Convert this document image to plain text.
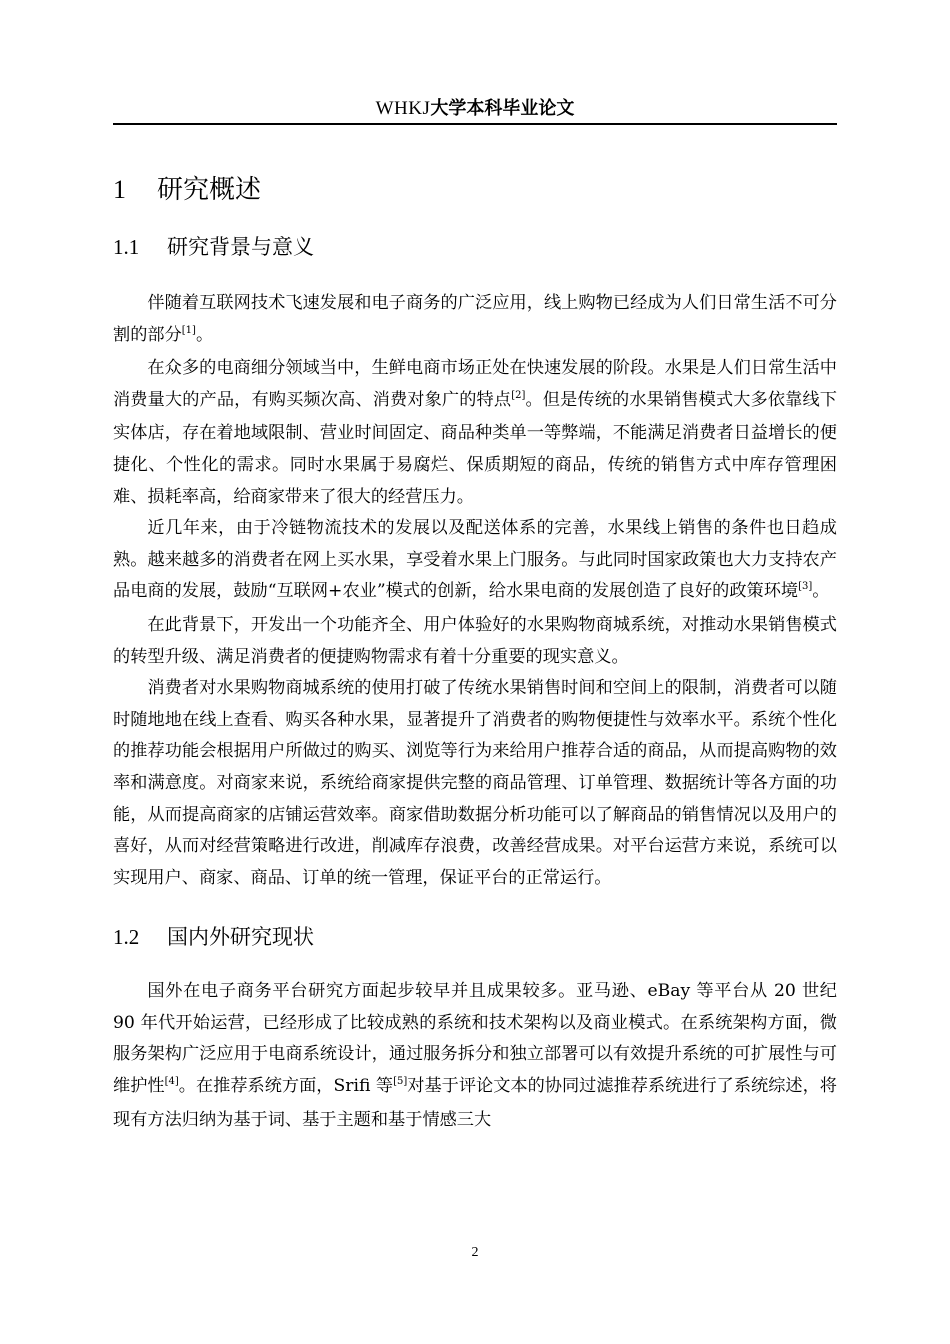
WHKJ大学本科毕业论文
1 研究概述
1.1 研究背景与意义

伴随着互联网技术飞速发展和电子商务的广泛应用，线上购物已经成为人们日常生活不可分割的部分[1]。

在众多的电商细分领域当中，生鲜电商市场正处在快速发展的阶段。水果是人们日常生活中消费量大的产品，有购买频次高、消费对象广的特点[2]。但是传统的水果销售模式大多依靠线下实体店，存在着地域限制、营业时间固定、商品种类单一等弊端，不能满足消费者日益增长的便捷化、个性化的需求。同时水果属于易腐烂、保质期短的商品，传统的销售方式中库存管理困难、损耗率高，给商家带来了很大的经营压力。

近几年来，由于冷链物流技术的发展以及配送体系的完善，水果线上销售的条件也日趋成熟。越来越多的消费者在网上买水果，享受着水果上门服务。与此同时国家政策也大力支持农产品电商的发展，鼓励“互联网+农业”模式的创新，给水果电商的发展创造了良好的政策环境[3]。

在此背景下，开发出一个功能齐全、用户体验好的水果购物商城系统，对推动水果销售模式的转型升级、满足消费者的便捷购物需求有着十分重要的现实意义。

消费者对水果购物商城系统的使用打破了传统水果销售时间和空间上的限制，消费者可以随时随地地在线上查看、购买各种水果，显著提升了消费者的购物便捷性与效率水平。系统个性化的推荐功能会根据用户所做过的购买、浏览等行为来给用户推荐合适的商品，从而提高购物的效率和满意度。对商家来说，系统给商家提供完整的商品管理、订单管理、数据统计等各方面的功能，从而提高商家的店铺运营效率。商家借助数据分析功能可以了解商品的销售情况以及用户的喜好，从而对经营策略进行改进，削减库存浪费，改善经营成果。对平台运营方来说，系统可以实现用户、商家、商品、订单的统一管理，保证平台的正常运行。

1.2 国内外研究现状

国外在电子商务平台研究方面起步较早并且成果较多。亚马逊、eBay 等平台从 20 世纪 90 年代开始运营，已经形成了比较成熟的系统和技术架构以及商业模式。在系统架构方面，微服务架构广泛应用于电商系统设计，通过服务拆分和独立部署可以有效提升系统的可扩展性与可维护性[4]。在推荐系统方面，Srifi 等[5]对基于评论文本的协同过滤推荐系统进行了系统综述，将现有方法归纳为基于词、基于主题和基于情感三大

2
